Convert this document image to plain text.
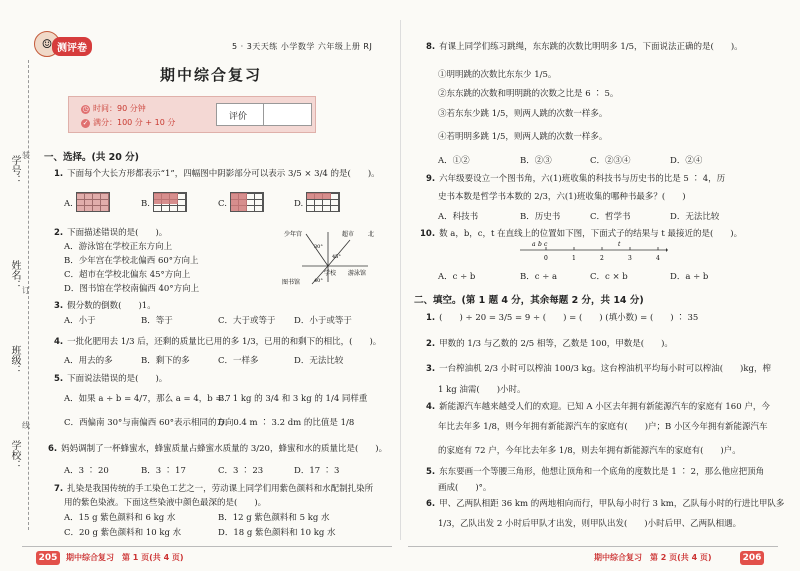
学号：
姓名：
班级：
学校：
装
订
线
☺ 测评卷	5 · 3天天练 小学数学 六年级上册 RJ
期中综合复习
◷ 时间：90 分钟
✓ 满分：100 分 + 10 分
评价
一、选择。(共 20 分)
1. 下面每个大长方形都表示“1”，四幅图中阴影部分可以表示 3/5 × 3/4 的是(　　)。
A.	B.	C.	D.
2. 下面描述错误的是(　　)。
A．游泳馆在学校正东方向上
B．少年宫在学校北偏西 60°方向上
C．超市在学校北偏东 45°方向上
D．图书馆在学校南偏西 40°方向上
少年宫	超市 北
学校 游泳馆
图书馆
30°
45°
40°
3. 假分数的倒数(　　)1。
A．小于	B．等于	C．大于或等于 D．小于或等于
4. 一批化肥用去 1/3 后，还剩的质量比已用的多 1/3，已用的和剩下的相比，(　　)。
A．用去的多	B．剩下的多	C．一样多	D．无法比较
5. 下面说法错误的是(　　)。
A．如果 a ÷ b = 4/7，那么 a = 4，b = 7
B．1 kg 的 3/4 和 3 kg 的 1/4 同样重
C．西偏南 30°与南偏西 60°表示相同的方向
D．0.4 m ∶ 3.2 dm 的比值是 1/8
6. 妈妈调制了一杯蜂蜜水，蜂蜜质量占蜂蜜水质量的 3/20，蜂蜜和水的质量比是(　　)。
A．3 ∶ 20	B．3 ∶ 17	C．3 ∶ 23	D．17 ∶ 3
7. 扎染是我国传统的手工染色工艺之一，劳动课上同学们用紫色颜料和水配制扎染所
用的紫色染液。下面这些染液中颜色最深的是(　　)。
A．15 g 紫色颜料和 6 kg 水	B．12 g 紫色颜料和 5 kg 水
C．20 g 紫色颜料和 10 kg 水	D．18 g 紫色颜料和 10 kg 水
205	期中综合复习　第 1 页(共 4 页)
8. 有课上同学们练习跳绳，东东跳的次数比明明多 1/5，下面说法正确的是(　　)。
①明明跳的次数比东东少 1/5。
②东东跳的次数和明明跳的次数之比是 6 ∶ 5。
③若东东少跳 1/5，则两人跳的次数一样多。
④若明明多跳 1/5，则两人跳的次数一样多。
A．①②	B．②③	C．②③④	D．②④
9. 六年级要设立一个图书角，六(1)班收集的科技书与历史书的比是 5 ∶ 4，历
史书本数是哲学书本数的 2/3，六(1)班收集的哪种书最多？(　　)
A．科技书	B．历史书	C．哲学书	D．无法比较
10. 数 a，b，c，t 在直线上的位置如下图，下面式子的结果与 t 最接近的是(　　)。
a b c	t
0	1	2	3	4
A．c ÷ b	B．c ÷ a	C．c × b	D．a ÷ b
二、填空。(第 1 题 4 分，其余每题 2 分，共 14 分)
1. (　　) ÷ 20 = 3/5 = 9 ÷ (　　) = (　　) (填小数) = (　　) ∶ 35
2. 甲数的 1/3 与乙数的 2/5 相等，乙数是 100，甲数是(　　)。
3. 一台榨油机 2/3 小时可以榨油 100/3 kg。这台榨油机平均每小时可以榨油(　　)kg，榨
1 kg 油需(　　)小时。
4. 新能源汽车越来越受人们的欢迎。已知 A 小区去年拥有新能源汽车的家庭有 160 户，今
年比去年多 1/8，则今年拥有新能源汽车的家庭有(　　)户；B 小区今年拥有新能源汽车
的家庭有 72 户，今年比去年多 1/8，则去年拥有新能源汽车的家庭有(　　)户。
5. 东东要画一个等腰三角形，他想让顶角和一个底角的度数比是 1 ∶ 2，那么他应把顶角
画成(　　)°。
6. 甲、乙两队相距 36 km 的两地相向而行，甲队每小时行 3 km，乙队每小时的行进比甲队多
1/3，乙队出发 2 小时后甲队才出发，则甲队出发(　　)小时后甲、乙两队相遇。
期中综合复习　第 2 页(共 4 页)	206
